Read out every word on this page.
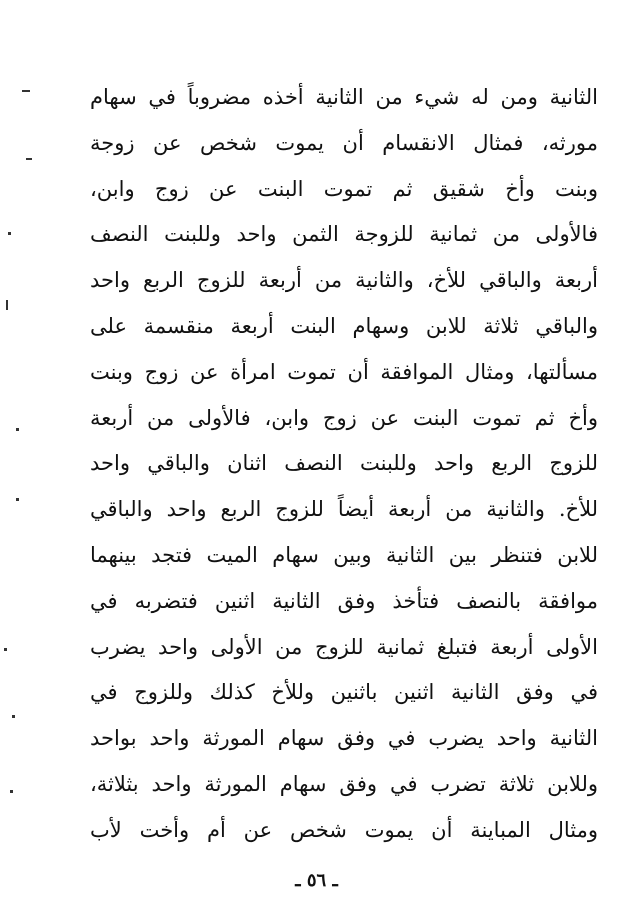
الثانية ومن له شيء من الثانية أخذه مضروباً في سهام
مورثه، فمثال الانقسام أن يموت شخص عن زوجة
وبنت وأخ شقيق ثم تموت البنت عن زوج وابن،
فالأولى من ثمانية للزوجة الثمن واحد وللبنت النصف
أربعة والباقي للأخ، والثانية من أربعة للزوج الربع واحد
والباقي ثلاثة للابن وسهام البنت أربعة منقسمة على
مسألتها، ومثال الموافقة أن تموت امرأة عن زوج وبنت
وأخ ثم تموت البنت عن زوج وابن، فالأولى من أربعة
للزوج الربع واحد وللبنت النصف اثنان والباقي واحد
للأخ. والثانية من أربعة أيضاً للزوج الربع واحد والباقي
للابن فتنظر بين الثانية وبين سهام الميت فتجد بينهما
موافقة بالنصف فتأخذ وفق الثانية اثنين فتضربه في
الأولى أربعة فتبلغ ثمانية للزوج من الأولى واحد يضرب
في وفق الثانية اثنين باثنين وللأخ كذلك وللزوج في
الثانية واحد يضرب في وفق سهام المورثة واحد بواحد
وللابن ثلاثة تضرب في وفق سهام المورثة واحد بثلاثة،
ومثال المباينة أن يموت شخص عن أم وأخت لأب
ـ ٥٦ ـ
